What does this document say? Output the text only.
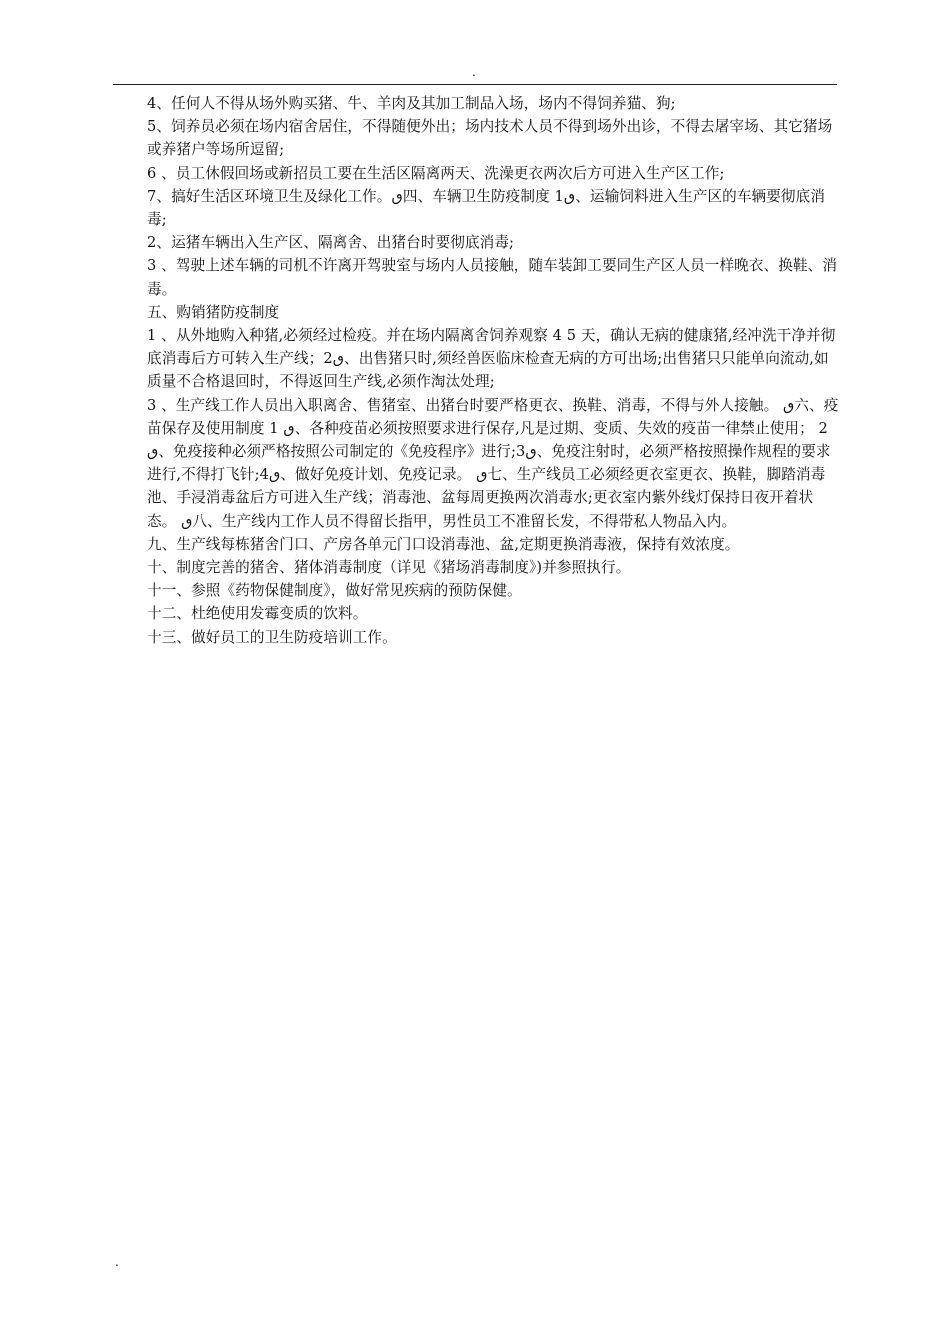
.

4、任何人不得从场外购买猪、牛、羊肉及其加工制品入场，场内不得饲养猫、狗;

5、饲养员必须在场内宿舍居住，不得随便外出；场内技术人员不得到场外出诊，不得去屠宰场、其它猪场或养猪户等场所逗留;

6 、员工休假回场或新招员工要在生活区隔离两天、洗澡更衣两次后方可进入生产区工作;

7、搞好生活区环境卫生及绿化工作。ٯ四、车辆卫生防疫制度 1ٯ、运输饲料进入生产区的车辆要彻底消毒;

2、运猪车辆出入生产区、隔离舍、出猪台时要彻底消毒;

3 、驾驶上述车辆的司机不许离开驾驶室与场内人员接触，随车装卸工要同生产区人员一样晚衣、换鞋、消毒。

五、购销猪防疫制度

1 、从外地购入种猪,必须经过检疫。并在场内隔离舍饲养观察 4 5 天，确认无病的健康猪,经冲洗干净并彻底消毒后方可转入生产线；2ٯ、出售猪只时,须经兽医临床检查无病的方可出场;出售猪只只能单向流动,如质量不合格退回时，不得返回生产线,必须作淘汰处理;

3 、生产线工作人员出入职离舍、售猪室、出猪台时要严格更衣、换鞋、消毒，不得与外人接触。 ٯ六、疫苗保存及使用制度 1 ٯ、各种疫苗必须按照要求进行保存,凡是过期、变质、失效的疫苗一律禁止使用； 2 ٯ、免疫接种必须严格按照公司制定的《免疫程序》进行;3ٯ、免疫注射时，必须严格按照操作规程的要求进行,不得打飞针;4ٯ、做好免疫计划、免疫记录。 ٯ七、生产线员工必须经更衣室更衣、换鞋，脚踏消毒池、手浸消毒盆后方可进入生产线；消毒池、盆每周更换两次消毒水;更衣室内紫外线灯保持日夜开着状态。 ٯ八、生产线内工作人员不得留长指甲，男性员工不准留长发，不得带私人物品入内。

九、生产线每栋猪舍门口、产房各单元门口设消毒池、盆,定期更换消毒液，保持有效浓度。

十、制度完善的猪舍、猪体消毒制度（详见《猪场消毒制度》)并参照执行。

十一、参照《药物保健制度》，做好常见疾病的预防保健。

十二、杜绝使用发霉变质的饮料。

十三、做好员工的卫生防疫培训工作。

.
